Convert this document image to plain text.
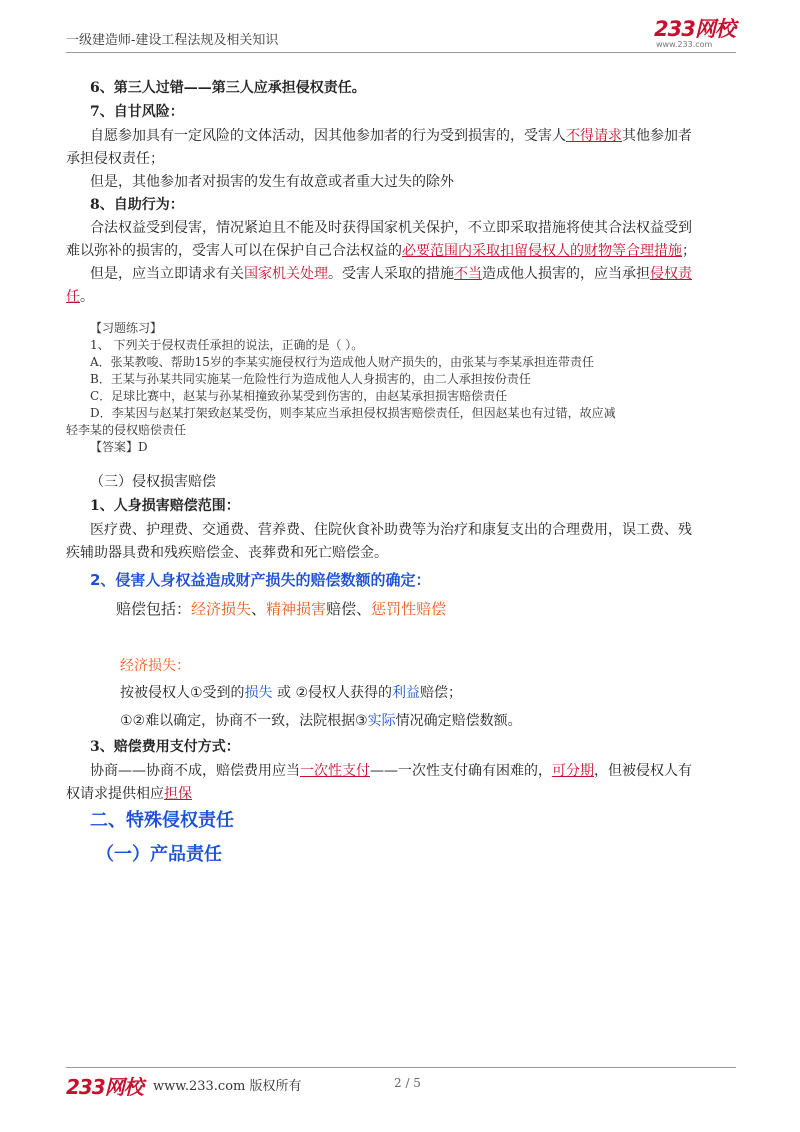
一级建造师-建设工程法规及相关知识	233网校
www.233.com
6、第三人过错——第三人应承担侵权责任。
7、自甘风险：
自愿参加具有一定风险的文体活动，因其他参加者的行为受到损害的，受害人不得请求其他参加者
承担侵权责任；
但是，其他参加者对损害的发生有故意或者重大过失的除外
8、自助行为：
合法权益受到侵害，情况紧迫且不能及时获得国家机关保护，不立即采取措施将使其合法权益受到
难以弥补的损害的，受害人可以在保护自己合法权益的必要范围内采取扣留侵权人的财物等合理措施；
但是，应当立即请求有关国家机关处理。受害人采取的措施不当造成他人损害的，应当承担侵权责
任。
【习题练习】
1、 下列关于侵权责任承担的说法，正确的是（ ）。
A．张某教唆、帮助15岁的李某实施侵权行为造成他人财产损失的，由张某与李某承担连带责任
B．王某与孙某共同实施某一危险性行为造成他人人身损害的，由二人承担按份责任
C．足球比赛中，赵某与孙某相撞致孙某受到伤害的，由赵某承担损害赔偿责任
D．李某因与赵某打架致赵某受伤，则李某应当承担侵权损害赔偿责任，但因赵某也有过错，故应减
轻李某的侵权赔偿责任
【答案】D
（三）侵权损害赔偿
1、人身损害赔偿范围：
医疗费、护理费、交通费、营养费、住院伙食补助费等为治疗和康复支出的合理费用，误工费、残
疾辅助器具费和残疾赔偿金、丧葬费和死亡赔偿金。
2、侵害人身权益造成财产损失的赔偿数额的确定：
赔偿包括：经济损失、精神损害赔偿、惩罚性赔偿
经济损失：
按被侵权人①受到的损失 或 ②侵权人获得的利益赔偿；
①②难以确定，协商不一致，法院根据③实际情况确定赔偿数额。
3、赔偿费用支付方式：
协商——协商不成，赔偿费用应当一次性支付——一次性支付确有困难的，可分期，但被侵权人有
权请求提供相应担保
二、特殊侵权责任
（一）产品责任
233网校 www.233.com 版权所有	2 / 5
